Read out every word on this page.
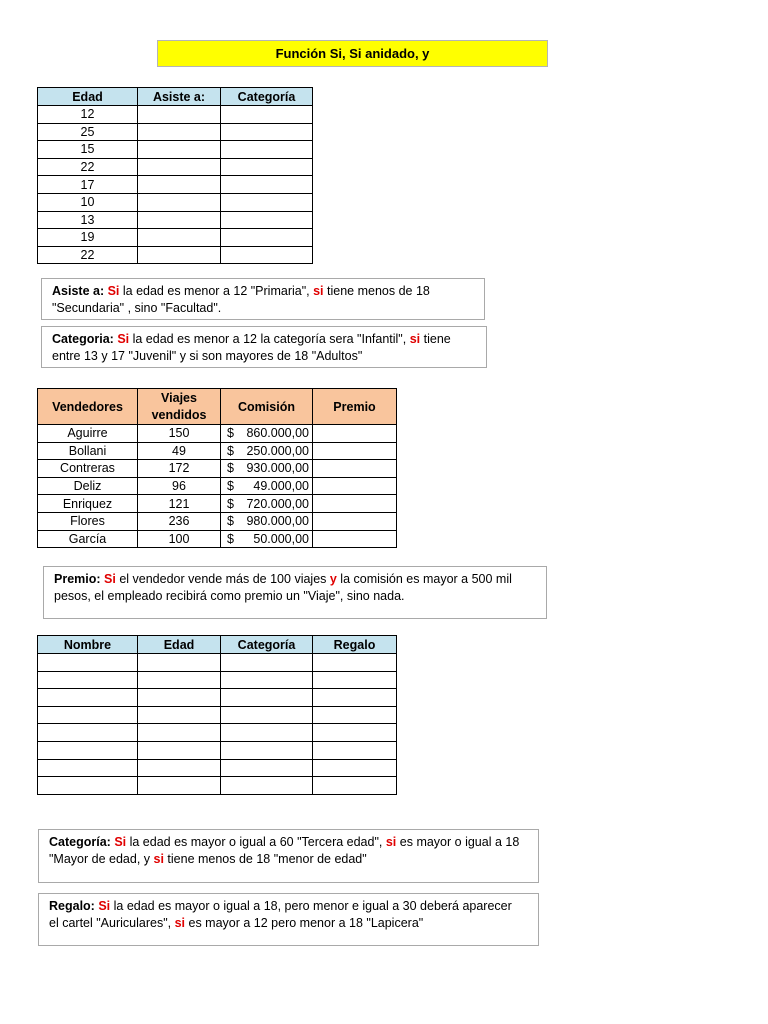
Función Si, Si anidado, y
Edad	Asiste a:	Categoría
12		
25		
15		
22		
17		
10		
13		
19		
22		
Asiste a: Si la edad es menor a 12 "Primaria", si tiene menos de 18
"Secundaria" , sino "Facultad".
Categoria: Si la edad es menor a 12 la categoría sera "Infantil", si tiene
entre 13 y 17 "Juvenil" y si son mayores de 18 "Adultos"
Vendedores	Viajes vendidos	Comisión	Premio
Aguirre	150	$ 860.000,00	

Bollani	49	$ 250.000,00	

Contreras	172	$ 930.000,00	

Deliz	96	$ 49.000,00	

Enriquez	121	$ 720.000,00	

Flores	236	$ 980.000,00	

García	100	$ 50.000,00	

Premio: Si el vendedor vende más de 100 viajes y la comisión es mayor a 500 mil
pesos, el empleado recibirá como premio un "Viaje", sino nada.
Nombre	Edad	Categoría	Regalo

Categoría: Si la edad es mayor o igual a 60 "Tercera edad", si es mayor o igual a 18
"Mayor de edad, y si tiene menos de 18 "menor de edad"
Regalo: Si la edad es mayor o igual a 18, pero menor e igual a 30 deberá aparecer
el cartel "Auriculares", si es mayor a 12 pero menor a 18 "Lapicera"
